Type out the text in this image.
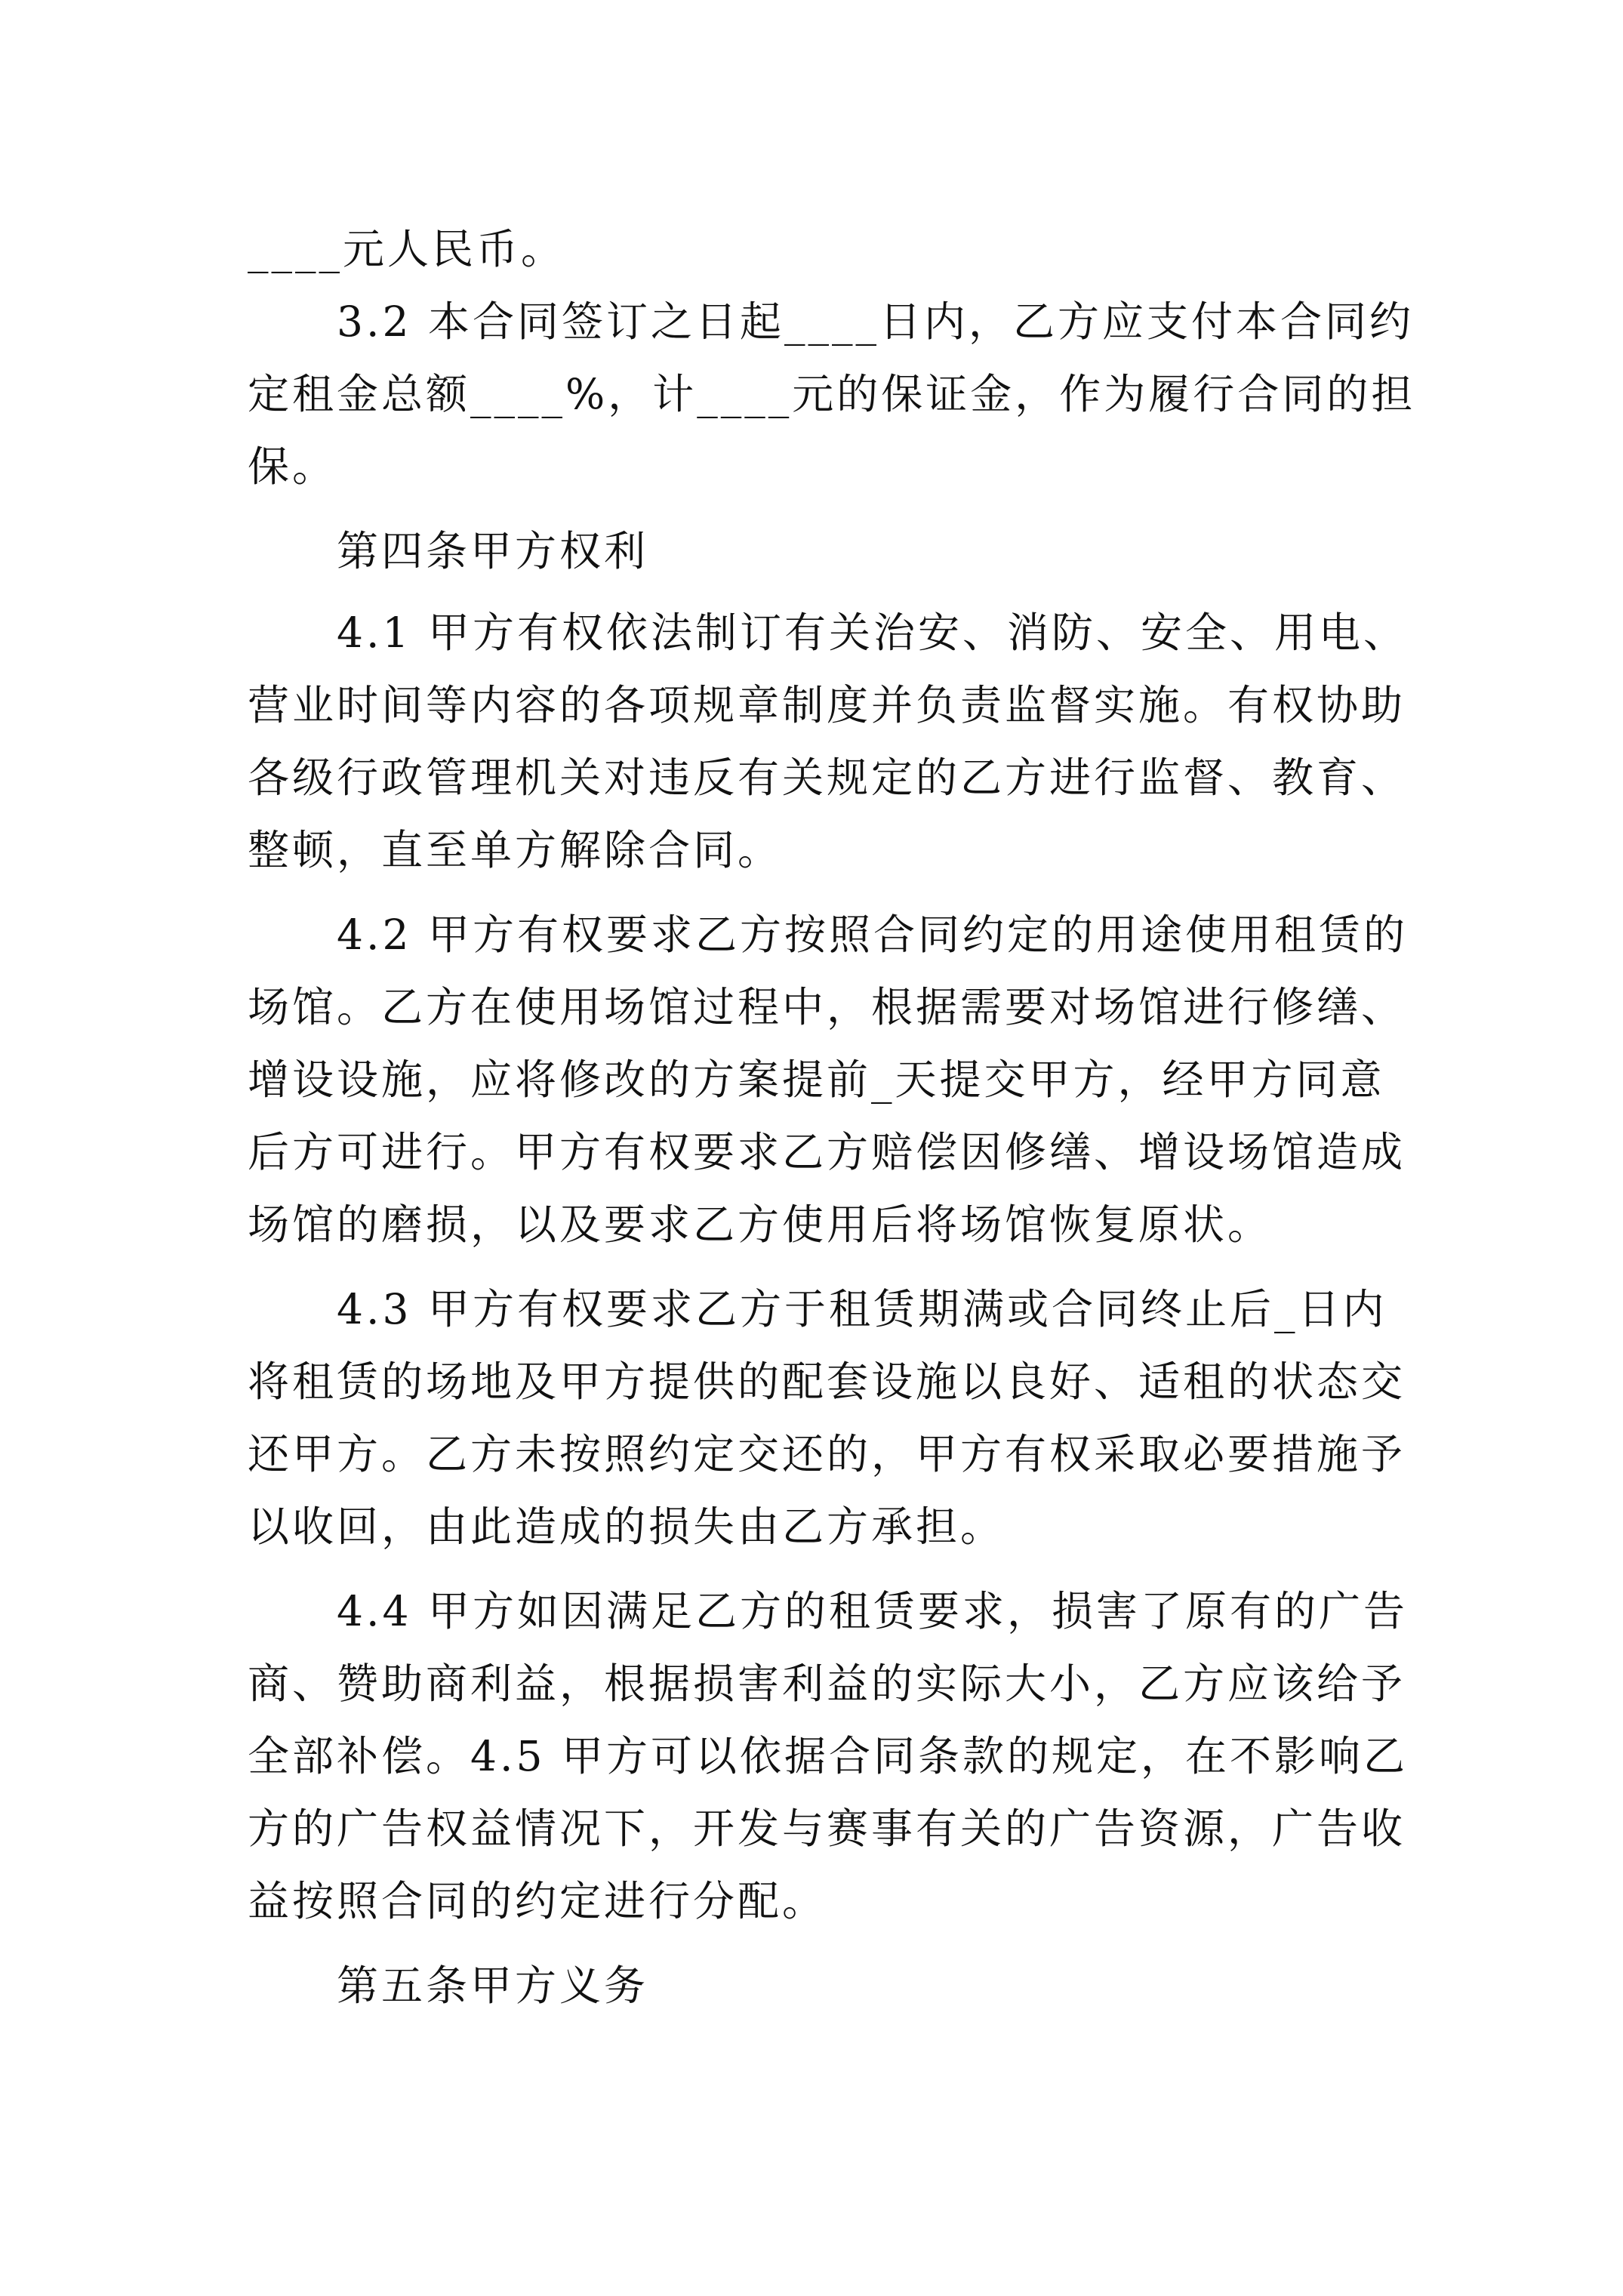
____元人民币。

3.2 本合同签订之日起____日内，乙方应支付本合同约

定租金总额____%，计____元的保证金，作为履行合同的担

保。

第四条甲方权利

4.1 甲方有权依法制订有关治安、消防、安全、用电、

营业时间等内容的各项规章制度并负责监督实施。有权协助

各级行政管理机关对违反有关规定的乙方进行监督、教育、

整顿，直至单方解除合同。

4.2 甲方有权要求乙方按照合同约定的用途使用租赁的

场馆。乙方在使用场馆过程中，根据需要对场馆进行修缮、

增设设施，应将修改的方案提前_天提交甲方，经甲方同意

后方可进行。甲方有权要求乙方赔偿因修缮、增设场馆造成

场馆的磨损，以及要求乙方使用后将场馆恢复原状。

4.3 甲方有权要求乙方于租赁期满或合同终止后_日内

将租赁的场地及甲方提供的配套设施以良好、适租的状态交

还甲方。乙方未按照约定交还的，甲方有权采取必要措施予

以收回，由此造成的损失由乙方承担。

4.4 甲方如因满足乙方的租赁要求，损害了原有的广告

商、赞助商利益，根据损害利益的实际大小，乙方应该给予

全部补偿。4.5 甲方可以依据合同条款的规定，在不影响乙

方的广告权益情况下，开发与赛事有关的广告资源，广告收

益按照合同的约定进行分配。

第五条甲方义务
